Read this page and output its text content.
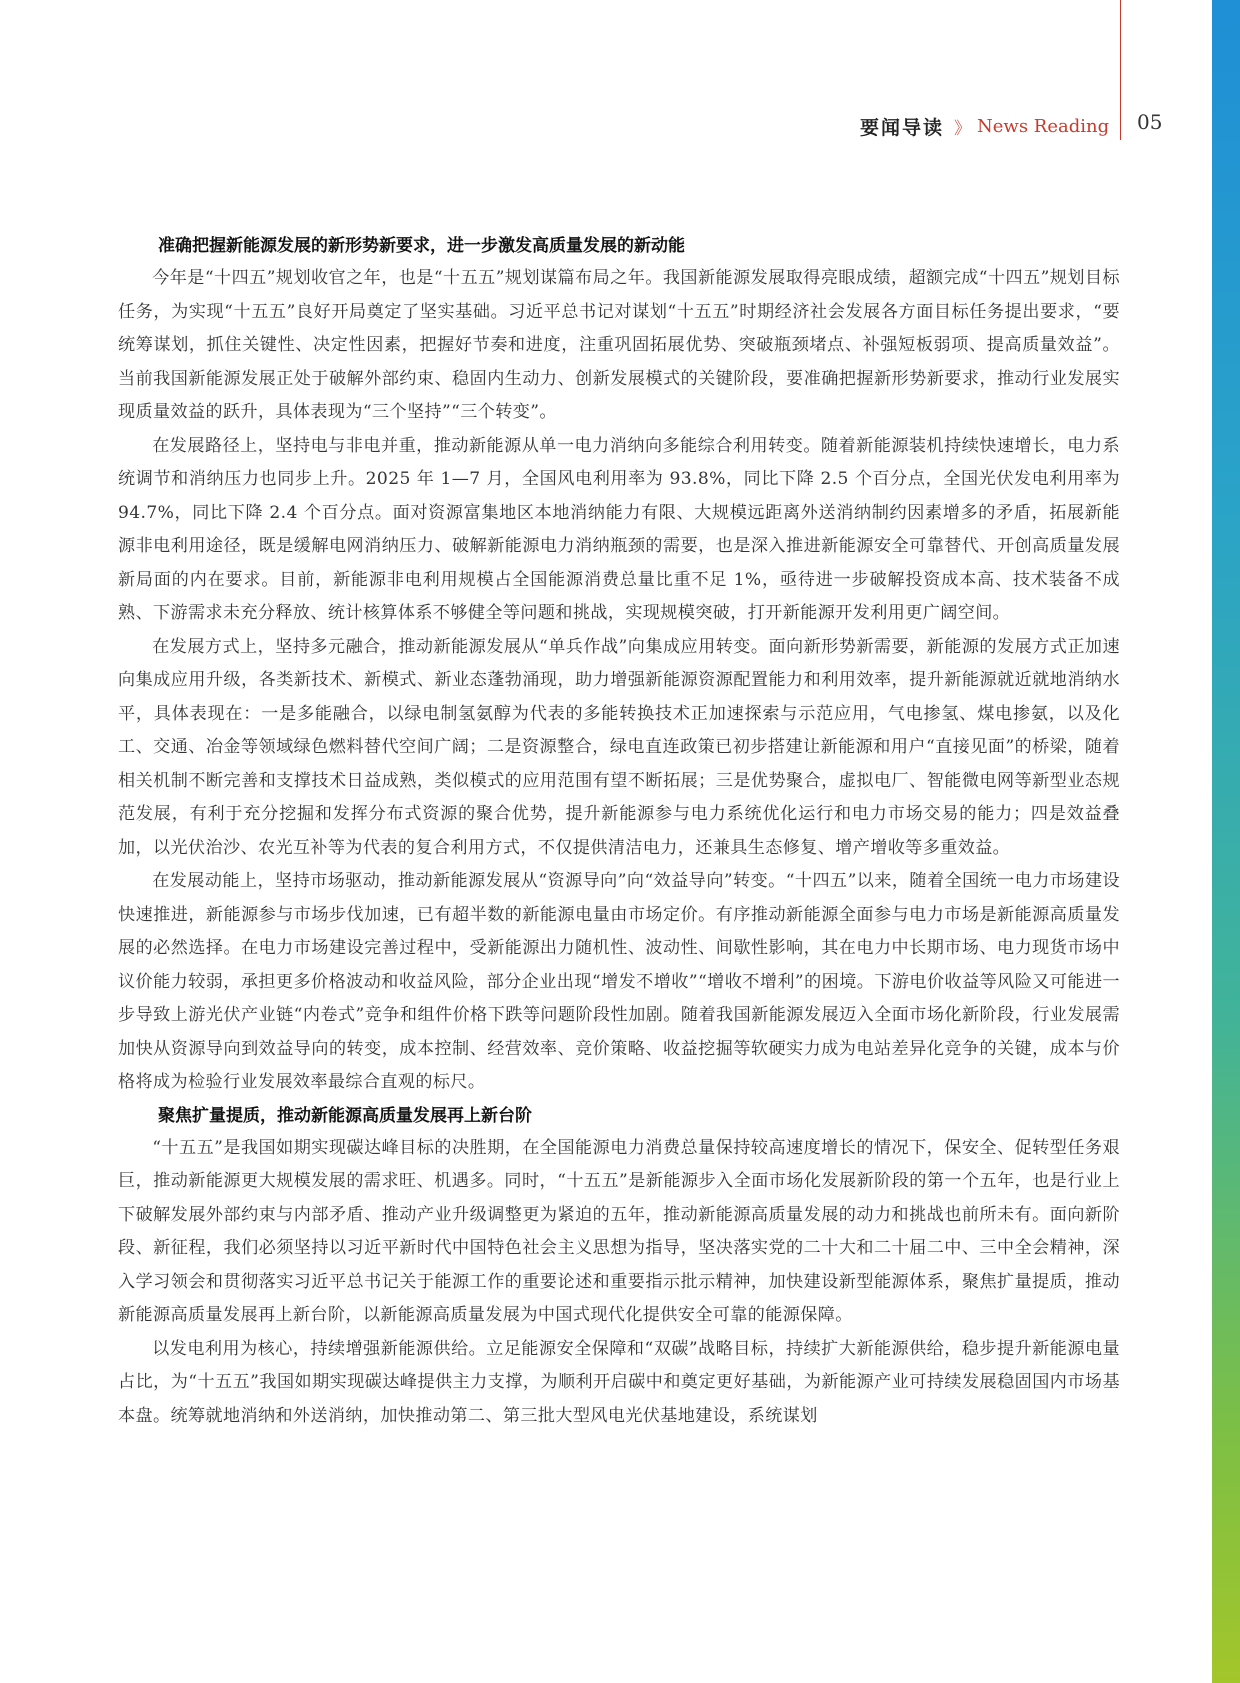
要闻导读 》 News Reading 05

准确把握新能源发展的新形势新要求，进一步激发高质量发展的新动能

今年是“十四五”规划收官之年，也是“十五五”规划谋篇布局之年。我国新能源发展取得亮眼成绩，超额完成“十四五”规划目标任务，为实现“十五五”良好开局奠定了坚实基础。习近平总书记对谋划“十五五”时期经济社会发展各方面目标任务提出要求，“要统筹谋划，抓住关键性、决定性因素，把握好节奏和进度，注重巩固拓展优势、突破瓶颈堵点、补强短板弱项、提高质量效益”。当前我国新能源发展正处于破解外部约束、稳固内生动力、创新发展模式的关键阶段，要准确把握新形势新要求，推动行业发展实现质量效益的跃升，具体表现为“三个坚持”“三个转变”。

在发展路径上，坚持电与非电并重，推动新能源从单一电力消纳向多能综合利用转变。随着新能源装机持续快速增长，电力系统调节和消纳压力也同步上升。2025 年 1—7 月，全国风电利用率为 93.8%，同比下降 2.5 个百分点，全国光伏发电利用率为 94.7%，同比下降 2.4 个百分点。面对资源富集地区本地消纳能力有限、大规模远距离外送消纳制约因素增多的矛盾，拓展新能源非电利用途径，既是缓解电网消纳压力、破解新能源电力消纳瓶颈的需要，也是深入推进新能源安全可靠替代、开创高质量发展新局面的内在要求。目前，新能源非电利用规模占全国能源消费总量比重不足 1%，亟待进一步破解投资成本高、技术装备不成熟、下游需求未充分释放、统计核算体系不够健全等问题和挑战，实现规模突破，打开新能源开发利用更广阔空间。

在发展方式上，坚持多元融合，推动新能源发展从“单兵作战”向集成应用转变。面向新形势新需要，新能源的发展方式正加速向集成应用升级，各类新技术、新模式、新业态蓬勃涌现，助力增强新能源资源配置能力和利用效率，提升新能源就近就地消纳水平，具体表现在：一是多能融合，以绿电制氢氨醇为代表的多能转换技术正加速探索与示范应用，气电掺氢、煤电掺氨，以及化工、交通、冶金等领域绿色燃料替代空间广阔；二是资源整合，绿电直连政策已初步搭建让新能源和用户“直接见面”的桥梁，随着相关机制不断完善和支撑技术日益成熟，类似模式的应用范围有望不断拓展；三是优势聚合，虚拟电厂、智能微电网等新型业态规范发展，有利于充分挖掘和发挥分布式资源的聚合优势，提升新能源参与电力系统优化运行和电力市场交易的能力；四是效益叠加，以光伏治沙、农光互补等为代表的复合利用方式，不仅提供清洁电力，还兼具生态修复、增产增收等多重效益。

在发展动能上，坚持市场驱动，推动新能源发展从“资源导向”向“效益导向”转变。“十四五”以来，随着全国统一电力市场建设快速推进，新能源参与市场步伐加速，已有超半数的新能源电量由市场定价。有序推动新能源全面参与电力市场是新能源高质量发展的必然选择。在电力市场建设完善过程中，受新能源出力随机性、波动性、间歇性影响，其在电力中长期市场、电力现货市场中议价能力较弱，承担更多价格波动和收益风险，部分企业出现“增发不增收”“增收不增利”的困境。下游电价收益等风险又可能进一步导致上游光伏产业链“内卷式”竞争和组件价格下跌等问题阶段性加剧。随着我国新能源发展迈入全面市场化新阶段，行业发展需加快从资源导向到效益导向的转变，成本控制、经营效率、竞价策略、收益挖掘等软硬实力成为电站差异化竞争的关键，成本与价格将成为检验行业发展效率最综合直观的标尺。

聚焦扩量提质，推动新能源高质量发展再上新台阶

“十五五”是我国如期实现碳达峰目标的决胜期，在全国能源电力消费总量保持较高速度增长的情况下，保安全、促转型任务艰巨，推动新能源更大规模发展的需求旺、机遇多。同时，“十五五”是新能源步入全面市场化发展新阶段的第一个五年，也是行业上下破解发展外部约束与内部矛盾、推动产业升级调整更为紧迫的五年，推动新能源高质量发展的动力和挑战也前所未有。面向新阶段、新征程，我们必须坚持以习近平新时代中国特色社会主义思想为指导，坚决落实党的二十大和二十届二中、三中全会精神，深入学习领会和贯彻落实习近平总书记关于能源工作的重要论述和重要指示批示精神，加快建设新型能源体系，聚焦扩量提质，推动新能源高质量发展再上新台阶，以新能源高质量发展为中国式现代化提供安全可靠的能源保障。

以发电利用为核心，持续增强新能源供给。立足能源安全保障和“双碳”战略目标，持续扩大新能源供给，稳步提升新能源电量占比，为“十五五”我国如期实现碳达峰提供主力支撑，为顺利开启碳中和奠定更好基础，为新能源产业可持续发展稳固国内市场基本盘。统筹就地消纳和外送消纳，加快推动第二、第三批大型风电光伏基地建设，系统谋划
